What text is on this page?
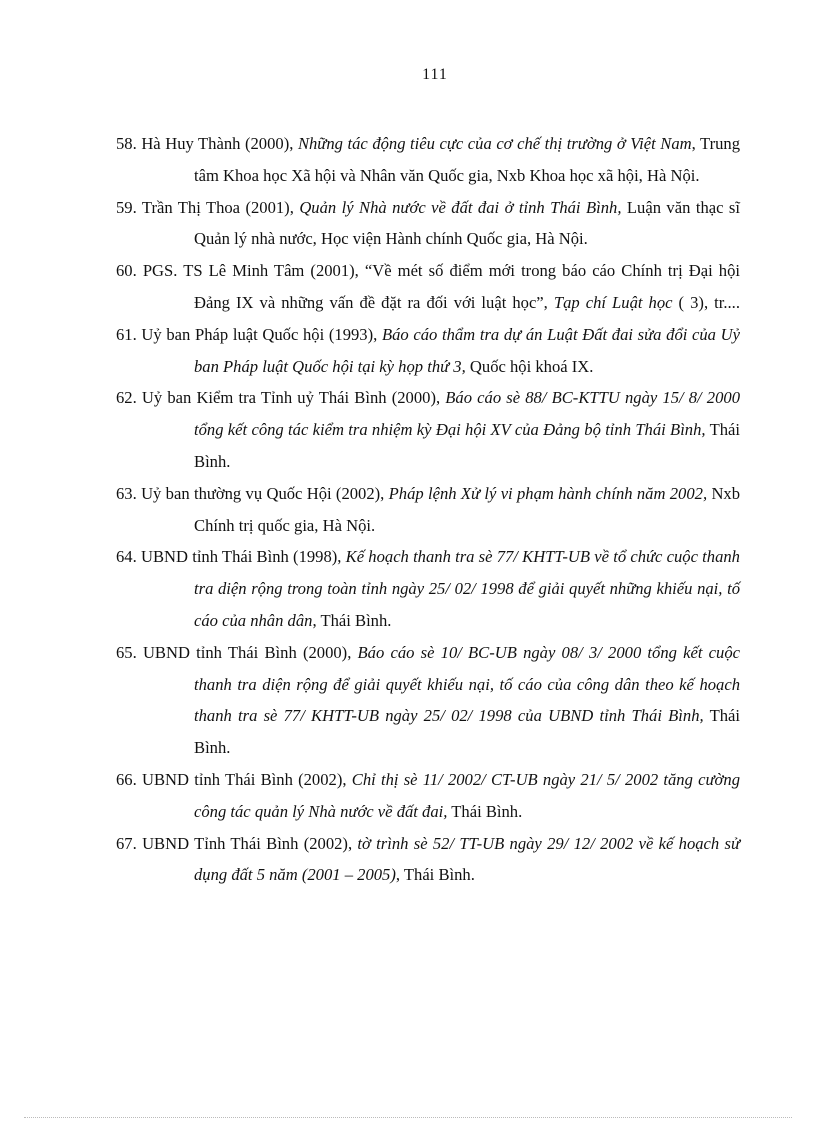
111
58. Hà Huy Thành (2000), Những tác động tiêu cực của cơ chế thị trường ở Việt Nam, Trung tâm Khoa học Xã hội và Nhân văn Quốc gia, Nxb Khoa học xã hội, Hà Nội.
59. Trần Thị Thoa (2001), Quản lý Nhà nước về đất đai ở tỉnh Thái Bình, Luận văn thạc sĩ Quản lý nhà nước, Học viện Hành chính Quốc gia, Hà Nội.
60. PGS. TS Lê Minh Tâm (2001), “Về mét số điểm mới trong báo cáo Chính trị Đại hội Đảng IX và những vấn đề đặt ra đối với luật học”, Tạp chí Luật học ( 3), tr....
61. Uỷ ban Pháp luật Quốc hội (1993), Báo cáo thẩm tra dự án Luật Đất đai sửa đổi của Uỷ ban Pháp luật Quốc hội tại kỳ họp thứ 3, Quốc hội khoá IX.
62. Uỷ ban Kiểm tra Tỉnh uỷ Thái Bình (2000), Báo cáo sè 88/ BC-KTTU ngày 15/ 8/ 2000 tổng kết công tác kiểm tra nhiệm kỳ Đại hội XV của Đảng bộ tỉnh Thái Bình, Thái Bình.
63. Uỷ ban thường vụ Quốc Hội (2002), Pháp lệnh Xử lý vi phạm hành chính năm 2002, Nxb Chính trị quốc gia, Hà Nội.
64. UBND tỉnh Thái Bình (1998), Kế hoạch thanh tra sè 77/ KHTT-UB về tổ chức cuộc thanh tra diện rộng trong toàn tỉnh ngày 25/ 02/ 1998 để giải quyết những khiếu nại, tố cáo của nhân dân, Thái Bình.
65. UBND tỉnh Thái Bình (2000), Báo cáo sè 10/ BC-UB ngày 08/ 3/ 2000 tổng kết cuộc thanh tra diện rộng để giải quyết khiếu nại, tố cáo của công dân theo kế hoạch thanh tra sè 77/ KHTT-UB ngày 25/ 02/ 1998 của UBND tỉnh Thái Bình, Thái Bình.
66. UBND tỉnh Thái Bình (2002), Chỉ thị sè 11/ 2002/ CT-UB ngày 21/ 5/ 2002 tăng cường công tác quản lý Nhà nước về đất đai, Thái Bình.
67. UBND Tỉnh Thái Bình (2002), tờ trình sè 52/ TT-UB ngày 29/ 12/ 2002 về kế hoạch sử dụng đất 5 năm (2001 – 2005), Thái Bình.
